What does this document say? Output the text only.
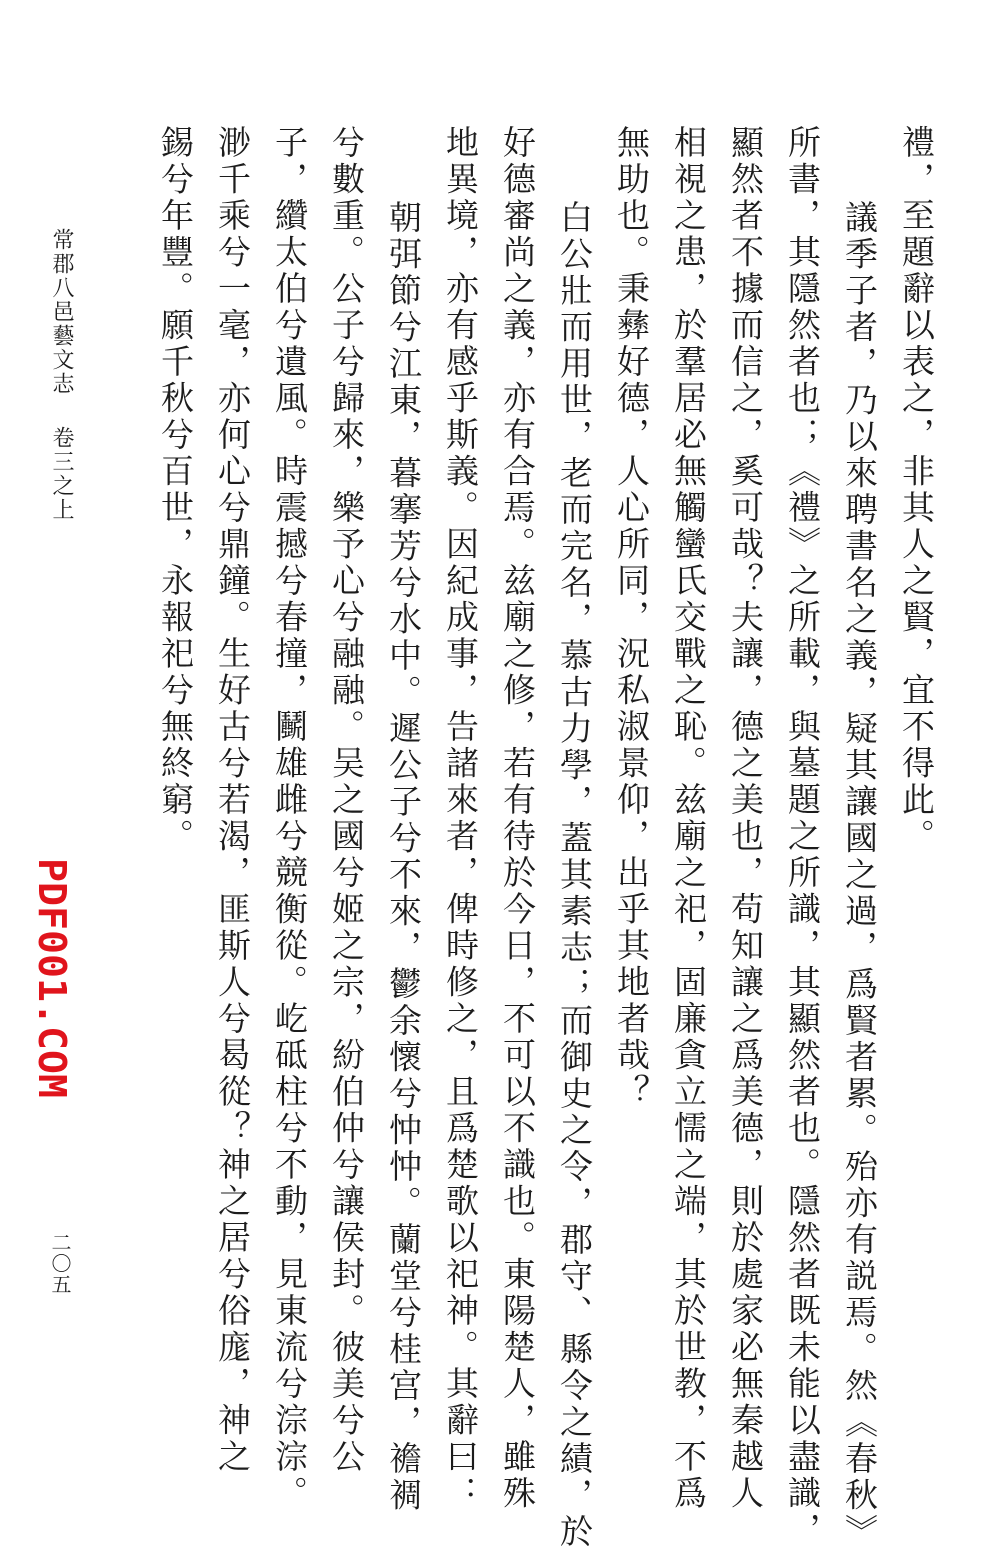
禮，至題辭以表之，非其人之賢，宜不得此。
議季子者，乃以來聘書名之義，疑其讓國之過，爲賢者累。殆亦有説焉。然《春秋》
所書，其隱然者也；《禮》之所載，與墓題之所識，其顯然者也。隱然者既未能以盡識，
顯然者不據而信之，奚可哉？夫讓，德之美也，苟知讓之爲美德，則於處家必無秦越人
相視之患，於羣居必無觸蠻氏交戰之恥。兹廟之祀，固廉貪立懦之端，其於世教，不爲
無助也。秉彝好德，人心所同，況私淑景仰，出乎其地者哉？
白公壯而用世，老而完名，慕古力學，蓋其素志；而御史之令，郡守、縣令之績，於
好德審尚之義，亦有合焉。兹廟之修，若有待於今日，不可以不識也。東陽楚人，雖殊
地異境，亦有感乎斯義。因紀成事，告諸來者，俾時修之，且爲楚歌以祀神。其辭曰：
朝弭節兮江東，暮搴芳兮水中。遲公子兮不來，鬱余懷兮忡忡。蘭堂兮桂宫，襜裯
兮數重。公子兮歸來，樂予心兮融融。吴之國兮姬之宗，紛伯仲兮讓侯封。彼美兮公
子，纘太伯兮遺風。時震撼兮春撞，鬭雄雌兮競衡從。屹砥柱兮不動，見東流兮淙淙。
渺千乘兮一毫，亦何心兮鼎鐘。生好古兮若渴，匪斯人兮曷從？神之居兮俗庬，神之
錫兮年豐。願千秋兮百世，永報祀兮無終窮。
常郡八邑藝文志卷三之上
二〇五
PDF001.COM
